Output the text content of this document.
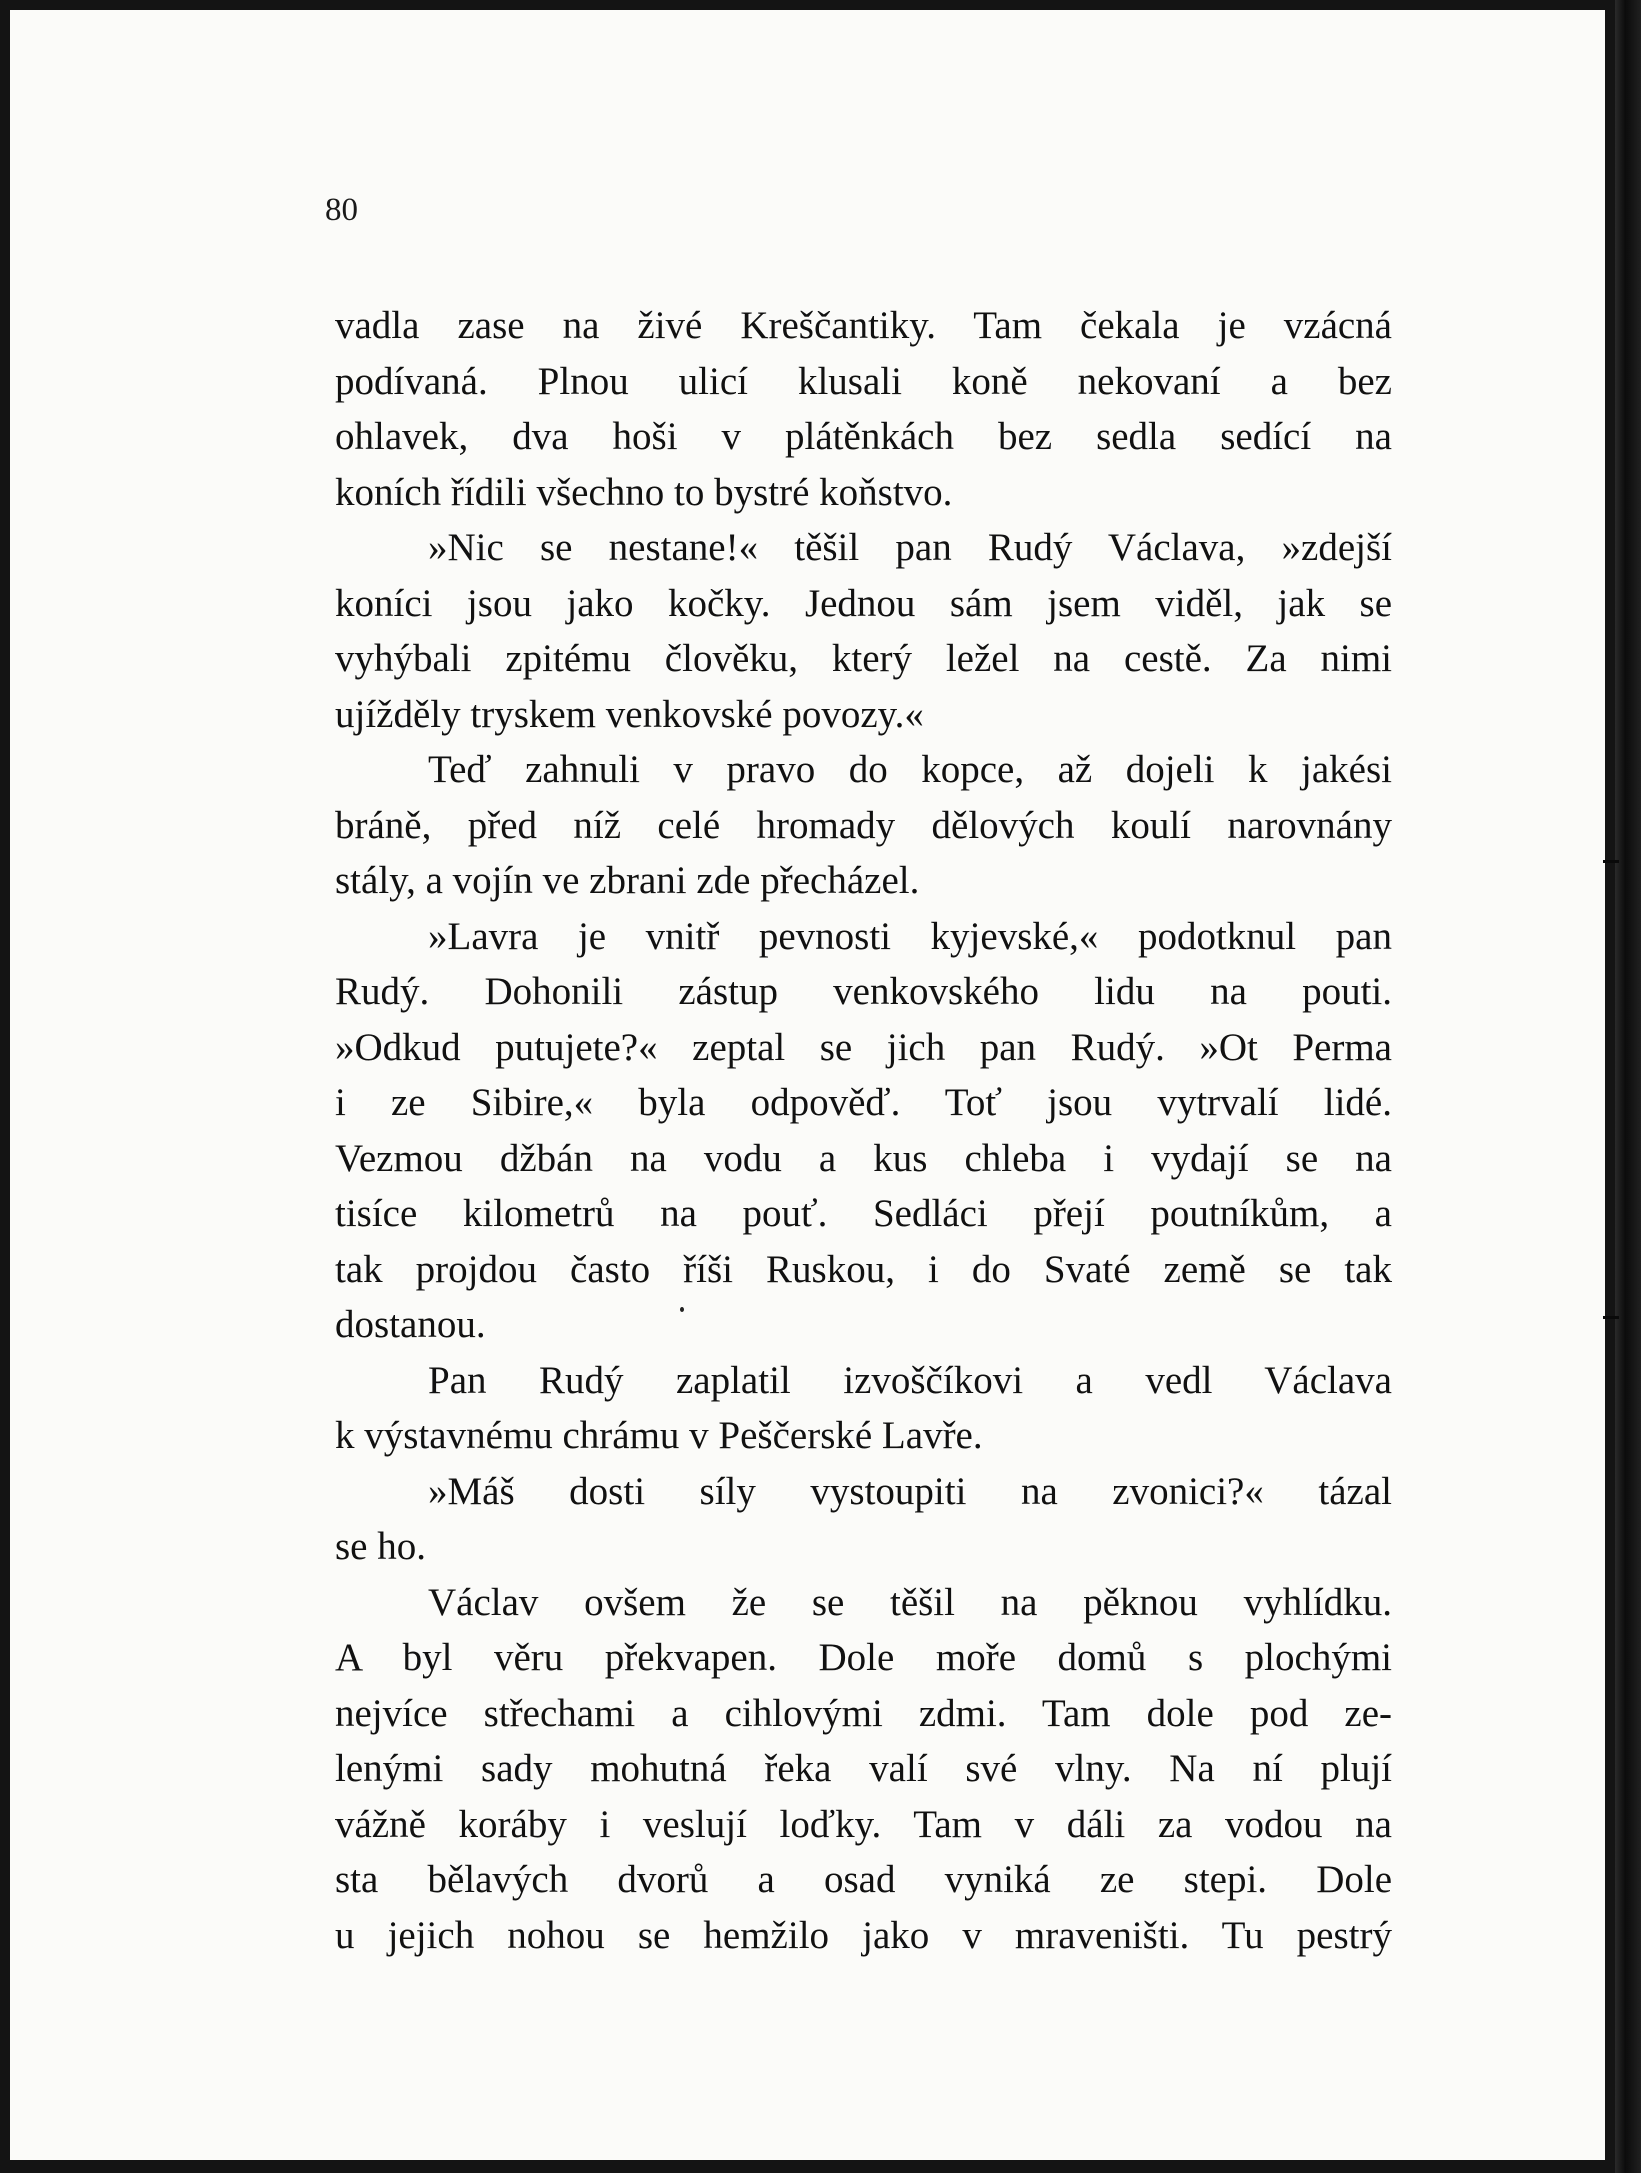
80

vadla zase na živé Kreščantiky. Tam čekala je vzácná
podívaná. Plnou ulicí klusali koně nekovaní a bez
ohlavek, dva hoši v plátěnkách bez sedla sedící na
koních řídili všechno to bystré koňstvo.
»Nic se nestane!« těšil pan Rudý Václava, »zdejší
koníci jsou jako kočky. Jednou sám jsem viděl, jak se
vyhýbali zpitému člověku, který ležel na cestě. Za nimi
ujížděly tryskem venkovské povozy.«
Teď zahnuli v pravo do kopce, až dojeli k jakési
bráně, před níž celé hromady dělových koulí narovnány
stály, a vojín ve zbrani zde přecházel.
»Lavra je vnitř pevnosti kyjevské,« podotknul pan
Rudý. Dohonili zástup venkovského lidu na pouti.
»Odkud putujete?« zeptal se jich pan Rudý. »Ot Perma
i ze Sibire,« byla odpověď. Toť jsou vytrvalí lidé.
Vezmou džbán na vodu a kus chleba i vydají se na
tisíce kilometrů na pouť. Sedláci přejí poutníkům, a
tak projdou často říši Ruskou, i do Svaté země se tak
dostanou.
Pan Rudý zaplatil izvoščíkovi a vedl Václava
k výstavnému chrámu v Peščerské Lavře.
»Máš dosti síly vystoupiti na zvonici?« tázal
se ho.
Václav ovšem že se těšil na pěknou vyhlídku.
A byl věru překvapen. Dole moře domů s plochými
nejvíce střechami a cihlovými zdmi. Tam dole pod ze-
lenými sady mohutná řeka valí své vlny. Na ní plují
vážně koráby i veslují loďky. Tam v dáli za vodou na
sta bělavých dvorů a osad vyniká ze stepi. Dole
u jejich nohou se hemžilo jako v mraveništi. Tu pestrý
